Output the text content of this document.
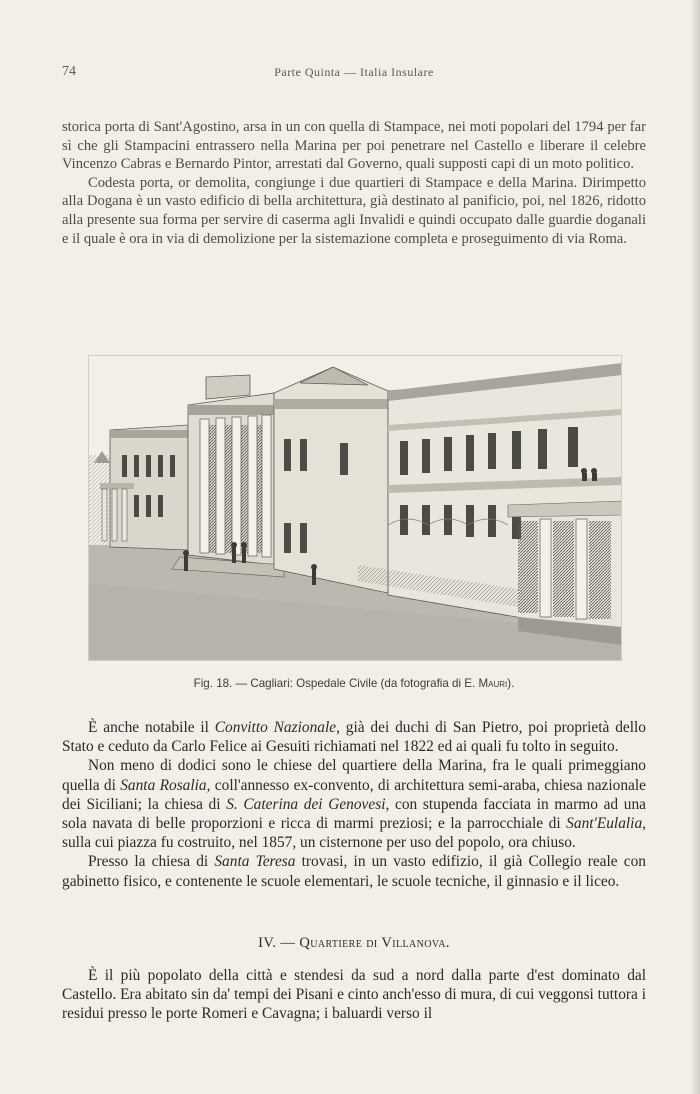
74	Parte Quinta — Italia Insulare

storica porta di Sant'Agostino, arsa in un con quella di Stampace, nei moti popolari del 1794 per far sì che gli Stampacini entrassero nella Marina per poi penetrare nel Castello e liberare il celebre Vincenzo Cabras e Bernardo Pintor, arrestati dal Governo, quali supposti capi di un moto politico.

Codesta porta, or demolita, congiunge i due quartieri di Stampace e della Marina. Dirimpetto alla Dogana è un vasto edificio di bella architettura, già destinato al panificio, poi, nel 1826, ridotto alla presente sua forma per servire di caserma agli Invalidi e quindi occupato dalle guardie doganali e il quale è ora in via di demolizione per la sistemazione completa e proseguimento di via Roma.

Fig. 18. — Cagliari: Ospedale Civile (da fotografia di E. Mauri).

È anche notabile il Convitto Nazionale, già dei duchi di San Pietro, poi proprietà dello Stato e ceduto da Carlo Felice ai Gesuiti richiamati nel 1822 ed ai quali fu tolto in seguito.

Non meno di dodici sono le chiese del quartiere della Marina, fra le quali primeggiano quella di Santa Rosalia, coll'annesso ex-convento, di architettura semi-araba, chiesa nazionale dei Siciliani; la chiesa di S. Caterina dei Genovesi, con stupenda facciata in marmo ad una sola navata di belle proporzioni e ricca di marmi preziosi; e la parrocchiale di Sant'Eulalia, sulla cui piazza fu costruito, nel 1857, un cisternone per uso del popolo, ora chiuso.

Presso la chiesa di Santa Teresa trovasi, in un vasto edifizio, il già Collegio reale con gabinetto fisico, e contenente le scuole elementari, le scuole tecniche, il ginnasio e il liceo.

IV. — Quartiere di Villanova.

È il più popolato della città e stendesi da sud a nord dalla parte d'est dominato dal Castello. Era abitato sin da' tempi dei Pisani e cinto anch'esso di mura, di cui veggonsi tuttora i residui presso le porte Romeri e Cavagna; i baluardi verso il
